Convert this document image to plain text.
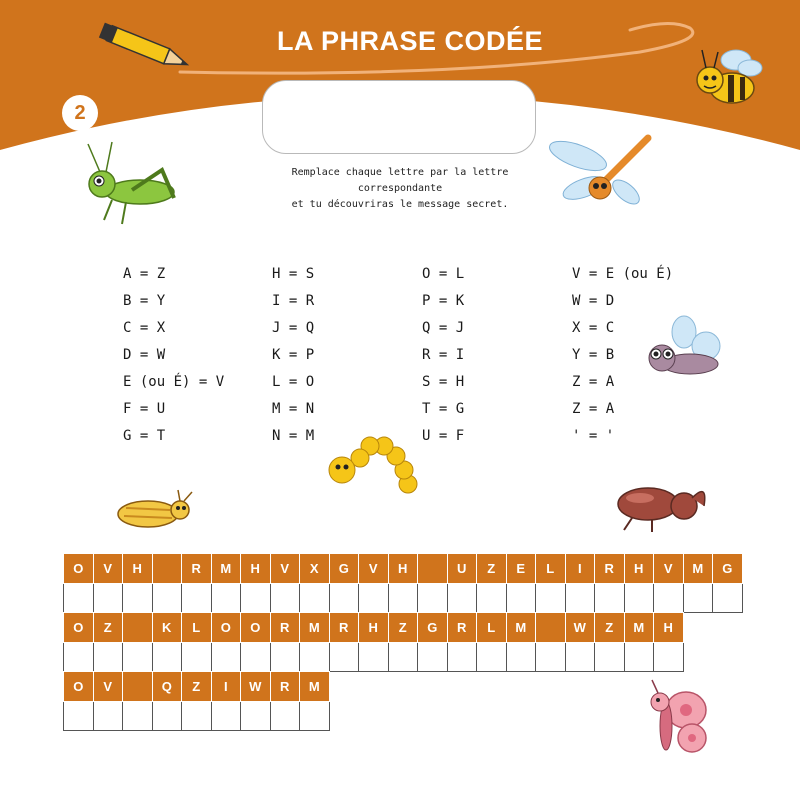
LA PHRASE CODÉE
2
Remplace chaque lettre par la lettre correspondante
et tu découvriras le message secret.
A = Z
B = Y
C = X
D = W
E (ou É) = V
F = U
G = T
H = S
I = R
J = Q
K = P
L = O
M = N
N = M
O = L
P = K
Q = J
R = I
S = H
T = G
U = F
V = E (ou É)
W = D
X = C
Y = B
Z = A
Z = A
' = '
O	V	H		R	M	H	V	X	G	V	H		U	Z	E	L	I	R	H	V	M	G

O	Z		K	L	O	O	R	M	R	H	Z	G	R	L	M		W	Z	M	H

O	V		Q	Z	I	W	R	M
